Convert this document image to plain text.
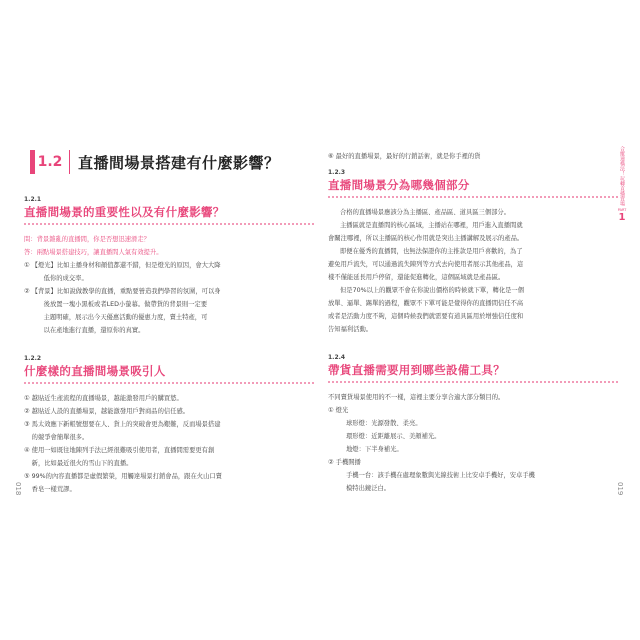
1.2 直播間場景搭建有什麼影響？
1.2.1
直播間場景的重要性以及有什麼影響？
問：背景雜亂的直播間，你是否想迅速滑走？
答：兩點場景搭建技巧，讓直播間人氣有效提升。
① 【燈光】比如主播身材和顏值都還不錯，但是燈光的原因，會大大降
低你的成交率。
② 【背景】比如說做教學的直播，重點要營造我們學習的氛圍，可以身
後放置一塊小黑板或者LED小螢幕。做帶貨的背景則一定要
主題明確，展示出今天優惠活動的優惠力度，賣土特產，可
以在產地進行直播，還原你的真實。
1.2.2
什麼樣的直播間場景吸引人
① 越貼近生產流程的直播場景，越能激發用戶的購買慾。
② 越貼近人設的直播場景，越能激發用戶對商品的信任感。
③ 馬太效應下新帳號想要在人、貨上的突破會更為艱難，反而場景搭建
的競爭會簡單很多。
④ 使用一如既往地陳列手法已經很難吸引使用者，直播間需要更有創
新，比如最近很火的雪山下的直播。
⑤ 99%的內容直播都是虛假繁榮，用觸達場景打銷會品，跟在火山口賣
香皂一樣荒謬。
⑥ 最好的直播場景，最好的行銷話術，就是你手裡的貨
1.2.3
直播間場景分為哪幾個部分
合格的直播場景應該分為主播區、產品區、道具區三個部分。
主播區就是直播間的核心區域，主播站在哪裡，用戶進入直播間就
會關注哪裡，所以主播區的核心作用就是突出主播講解及展示的產品。
即便在優秀的直播間，也無法保證你的主推款是用戶喜歡的，為了
避免用戶流失，可以通過流失陳列等方式去向使用者展示其他產品，這
樣不僅能延長用戶停留，還能促進轉化，這個區域就是產品區。
但是70%以上的觀眾不會在你說出價格的時候就下單，轉化是一個
放單、逼單、踢單的過程，觀眾不下單可能是覺得你的直播間信任不高
或者是活動力度不夠，這個時候我們就需要有道具區用於增強信任度和
告知福利活動。
1.2.4
帶貨直播需要用到哪些設備工具？
不同賣貨場景使用的不一樣，這裡主要分享合適大部分類目的。
① 燈光
球形燈：光源發散、柔亮。
環形燈：近距離展示、美顏補光。
地燈：下半身補光。
② 手機開播
手機一台：該手機在處理象數與光線技術上比安卓手機好，安卓手機
模特出鏡泛白。
018	019
合縱連橫法！玩轉直播賣場
PART
1
